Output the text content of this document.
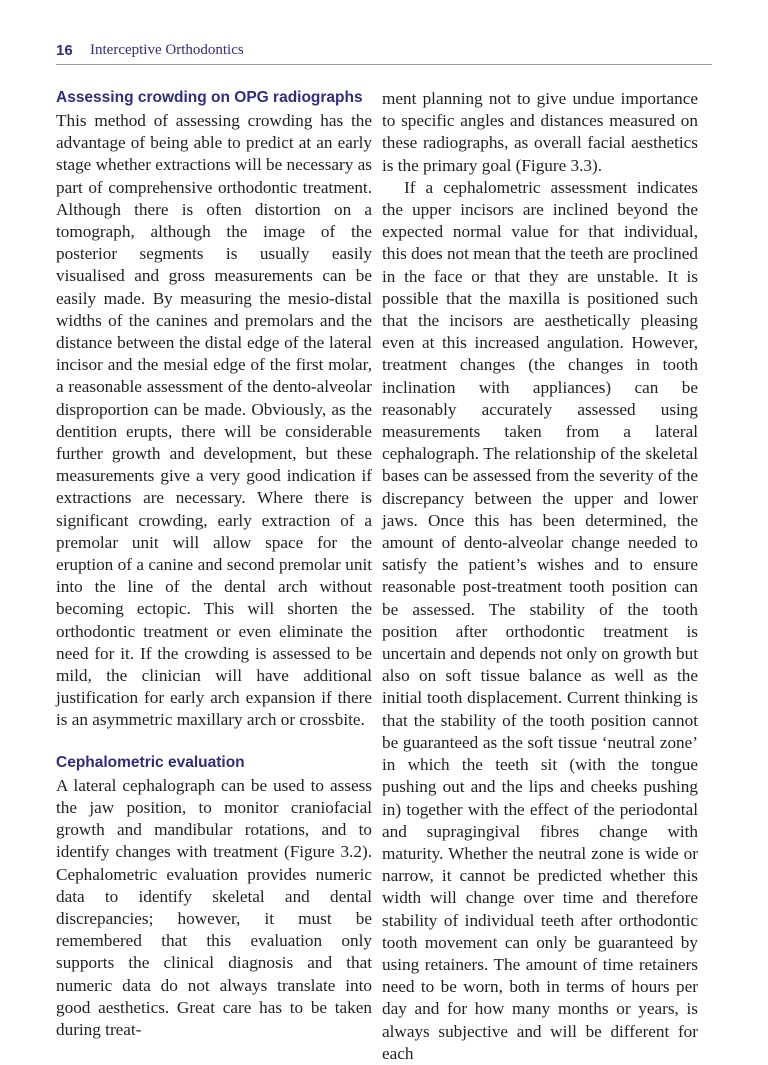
16 Interceptive Orthodontics
Assessing crowding on OPG radiographs

This method of assessing crowding has the advantage of being able to predict at an early stage whether extractions will be necessary as part of comprehensive orthodontic treatment. Although there is often distortion on a tomograph, although the image of the posterior segments is usually easily visualised and gross measurements can be easily made. By measuring the mesio-distal widths of the canines and premolars and the distance between the distal edge of the lateral incisor and the mesial edge of the first molar, a reasonable assessment of the dento-alveolar disproportion can be made. Obviously, as the dentition erupts, there will be considerable further growth and development, but these measurements give a very good indication if extractions are necessary. Where there is significant crowding, early extraction of a premolar unit will allow space for the eruption of a canine and second premolar unit into the line of the dental arch without becoming ectopic. This will shorten the orthodontic treatment or even eliminate the need for it. If the crowding is assessed to be mild, the clinician will have additional justification for early arch expansion if there is an asymmetric maxillary arch or crossbite.

Cephalometric evaluation

A lateral cephalograph can be used to assess the jaw position, to monitor craniofacial growth and mandibular rotations, and to identify changes with treatment (Figure 3.2). Cephalometric evaluation provides numeric data to identify skeletal and dental discrepancies; however, it must be remembered that this evaluation only supports the clinical diagnosis and that numeric data do not always translate into good aesthetics. Great care has to be taken during treat-

ment planning not to give undue importance to specific angles and distances measured on these radiographs, as overall facial aesthetics is the primary goal (Figure 3.3).

If a cephalometric assessment indicates the upper incisors are inclined beyond the expected normal value for that individual, this does not mean that the teeth are proclined in the face or that they are unstable. It is possible that the maxilla is positioned such that the incisors are aesthetically pleasing even at this increased angulation. However, treatment changes (the changes in tooth inclination with appliances) can be reasonably accurately assessed using measurements taken from a lateral cephalograph. The relationship of the skeletal bases can be assessed from the severity of the discrepancy between the upper and lower jaws. Once this has been determined, the amount of dento-alveolar change needed to satisfy the patient’s wishes and to ensure reasonable post-treatment tooth position can be assessed. The stability of the tooth position after orthodontic treatment is uncertain and depends not only on growth but also on soft tissue balance as well as the initial tooth displacement. Current thinking is that the stability of the tooth position cannot be guaranteed as the soft tissue ‘neutral zone’ in which the teeth sit (with the tongue pushing out and the lips and cheeks pushing in) together with the effect of the periodontal and supragingival fibres change with maturity. Whether the neutral zone is wide or narrow, it cannot be predicted whether this width will change over time and therefore stability of individual teeth after orthodontic tooth movement can only be guaranteed by using retainers. The amount of time retainers need to be worn, both in terms of hours per day and for how many months or years, is always subjective and will be different for each
